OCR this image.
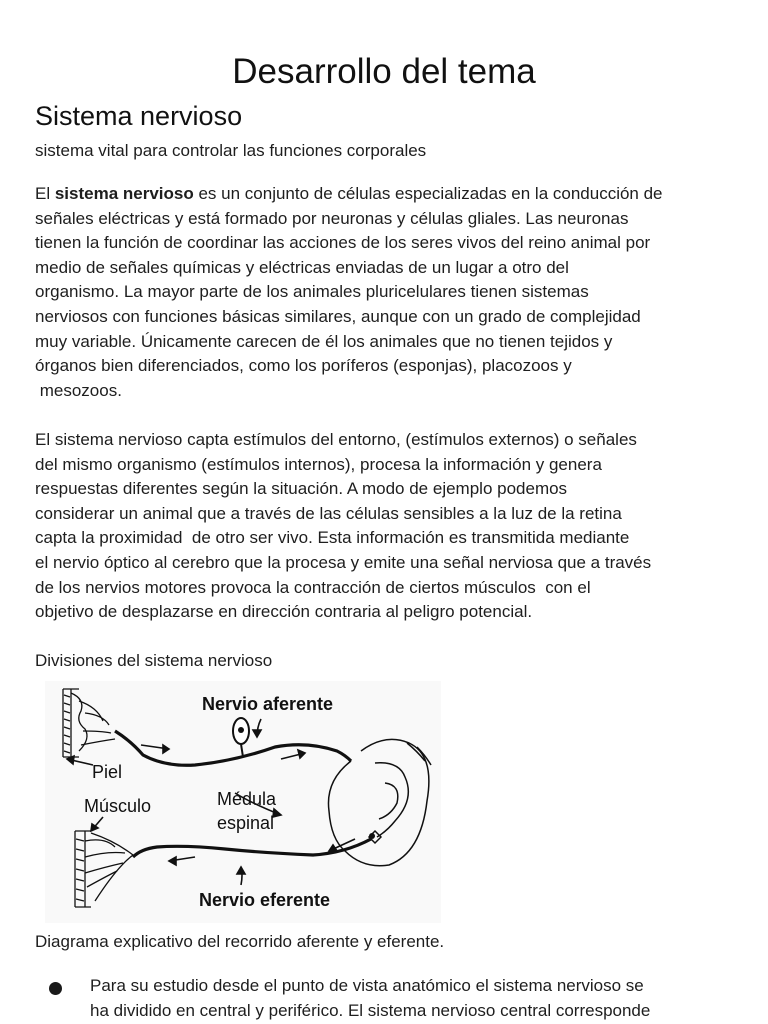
Desarrollo del tema
Sistema nervioso

sistema vital para controlar las funciones corporales

El sistema nervioso es un conjunto de células especializadas en la conducción de
señales eléctricas y está formado por neuronas y células gliales. Las neuronas
tienen la función de coordinar las acciones de los seres vivos del reino animal por
medio de señales químicas y eléctricas enviadas de un lugar a otro del
organismo. La mayor parte de los animales pluricelulares tienen sistemas
nerviosos con funciones básicas similares, aunque con un grado de complejidad
muy variable. Únicamente carecen de él los animales que no tienen tejidos y
órganos bien diferenciados, como los poríferos (esponjas), placozoos y
mesozoos.
El sistema nervioso capta estímulos del entorno, (estímulos externos) o señales
del mismo organismo (estímulos internos), procesa la información y genera
respuestas diferentes según la situación. A modo de ejemplo podemos
considerar un animal que a través de las células sensibles a la luz de la retina
capta la proximidad  de otro ser vivo. Esta información es transmitida mediante
el nervio óptico al cerebro que la procesa y emite una señal nerviosa que a través
de los nervios motores provoca la contracción de ciertos músculos  con el
objetivo de desplazarse en dirección contraria al peligro potencial.

Divisiones del sistema nervioso

Nervio aferente
Piel
Músculo	Médula
espinal
Nervio eferente

Diagrama explicativo del recorrido aferente y eferente.

Para su estudio desde el punto de vista anatómico el sistema nervioso se
ha dividido en central y periférico. El sistema nervioso central corresponde
